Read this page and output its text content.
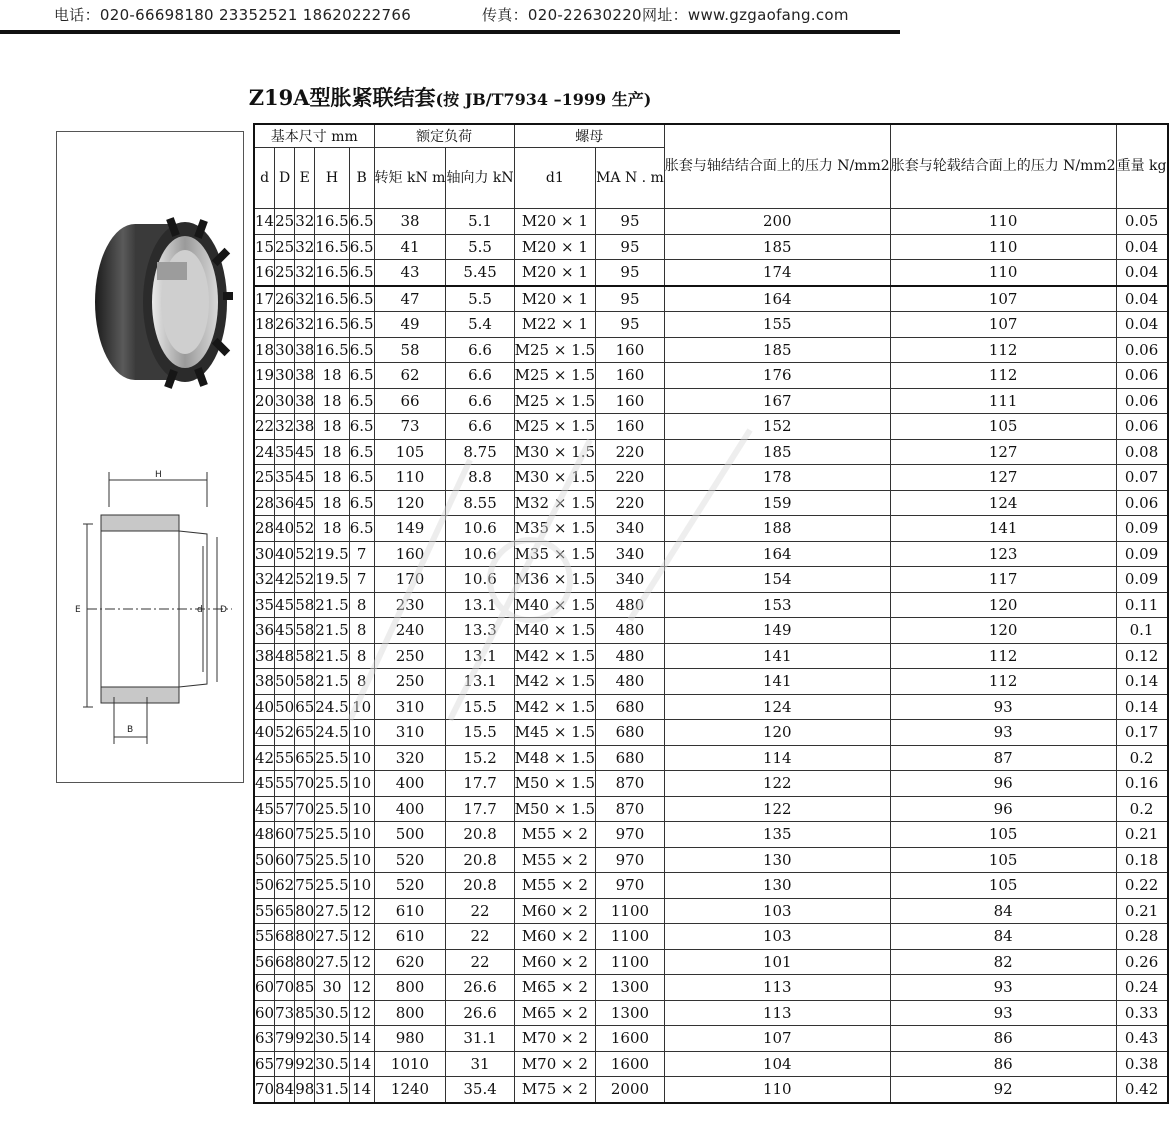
电话：020-66698180 23352521 18620222766	传真：020-22630220 网址：www.gzgaofang.com
Z19A型胀紧联结套(按 JB/T7934 –1999 生产)
H
E	d D
B
基本尺寸 mm					额定负荷		螺母		胀套与轴结结合面上的压力 N/mm2	胀套与轮载结合面上的压力 N/mm2	重量 kg
d	D	E	H	B	转矩 kN m	轴向力 kN	d1	MA N . m			
14	25	32	16.5	6.5	38	5.1	M20 × 1	95	200	110	0.05
15	25	32	16.5	6.5	41	5.5	M20 × 1	95	185	110	0.04
16	25	32	16.5	6.5	43	5.45	M20 × 1	95	174	110	0.04
17	26	32	16.5	6.5	47	5.5	M20 × 1	95	164	107	0.04
18	26	32	16.5	6.5	49	5.4	M22 × 1	95	155	107	0.04
18	30	38	16.5	6.5	58	6.6	M25 × 1.5	160	185	112	0.06
19	30	38	18	6.5	62	6.6	M25 × 1.5	160	176	112	0.06
20	30	38	18	6.5	66	6.6	M25 × 1.5	160	167	111	0.06
22	32	38	18	6.5	73	6.6	M25 × 1.5	160	152	105	0.06
24	35	45	18	6.5	105	8.75	M30 × 1.5	220	185	127	0.08
25	35	45	18	6.5	110	8.8	M30 × 1.5	220	178	127	0.07
28	36	45	18	6.5	120	8.55	M32 × 1.5	220	159	124	0.06
28	40	52	18	6.5	149	10.6	M35 × 1.5	340	188	141	0.09
30	40	52	19.5	7	160	10.6	M35 × 1.5	340	164	123	0.09
32	42	52	19.5	7	170	10.6	M36 × 1.5	340	154	117	0.09
35	45	58	21.5	8	230	13.1	M40 × 1.5	480	153	120	0.11
36	45	58	21.5	8	240	13.3	M40 × 1.5	480	149	120	0.1
38	48	58	21.5	8	250	13.1	M42 × 1.5	480	141	112	0.12
38	50	58	21.5	8	250	13.1	M42 × 1.5	480	141	112	0.14
40	50	65	24.5	10	310	15.5	M42 × 1.5	680	124	93	0.14
40	52	65	24.5	10	310	15.5	M45 × 1.5	680	120	93	0.17
42	55	65	25.5	10	320	15.2	M48 × 1.5	680	114	87	0.2
45	55	70	25.5	10	400	17.7	M50 × 1.5	870	122	96	0.16
45	57	70	25.5	10	400	17.7	M50 × 1.5	870	122	96	0.2
48	60	75	25.5	10	500	20.8	M55 × 2	970	135	105	0.21
50	60	75	25.5	10	520	20.8	M55 × 2	970	130	105	0.18
50	62	75	25.5	10	520	20.8	M55 × 2	970	130	105	0.22
55	65	80	27.5	12	610	22	M60 × 2	1100	103	84	0.21
55	68	80	27.5	12	610	22	M60 × 2	1100	103	84	0.28
56	68	80	27.5	12	620	22	M60 × 2	1100	101	82	0.26
60	70	85	30	12	800	26.6	M65 × 2	1300	113	93	0.24
60	73	85	30.5	12	800	26.6	M65 × 2	1300	113	93	0.33
63	79	92	30.5	14	980	31.1	M70 × 2	1600	107	86	0.43
65	79	92	30.5	14	1010	31	M70 × 2	1600	104	86	0.38
70	84	98	31.5	14	1240	35.4	M75 × 2	2000	110	92	0.42
